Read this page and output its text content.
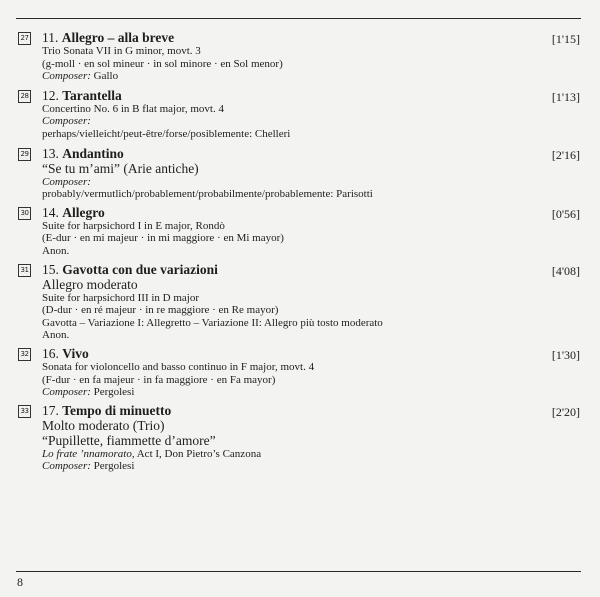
27	[1'15]
11. Allegro – alla breve
Trio Sonata VII in G minor, movt. 3
(g-moll · en sol mineur · in sol minore · en Sol menor)
Composer: Gallo
28	[1'13]
12. Tarantella
Concertino No. 6 in B flat major, movt. 4
Composer:
perhaps/vielleicht/peut-être/forse/posiblemente: Chelleri
29	[2'16]
13. Andantino
“Se tu m’ami” (Arie antiche)
Composer:
probably/vermutlich/probablement/probabilmente/probablemente: Parisotti
30	[0'56]
14. Allegro
Suite for harpsichord I in E major, Rondò
(E-dur · en mi majeur · in mi maggiore · en Mi mayor)
Anon.
31	[4'08]
15. Gavotta con due variazioni
Allegro moderato
Suite for harpsichord III in D major
(D-dur · en ré majeur · in re maggiore · en Re mayor)
Gavotta – Variazione I: Allegretto – Variazione II: Allegro più tosto moderato
Anon.
32	[1'30]
16. Vivo
Sonata for violoncello and basso continuo in F major, movt. 4
(F-dur · en fa majeur · in fa maggiore · en Fa mayor)
Composer: Pergolesi
33	[2'20]
17. Tempo di minuetto
Molto moderato (Trio)
“Pupillette, fiammette d’amore”
Lo frate ’nnamorato, Act I, Don Pietro’s Canzona
Composer: Pergolesi
8
